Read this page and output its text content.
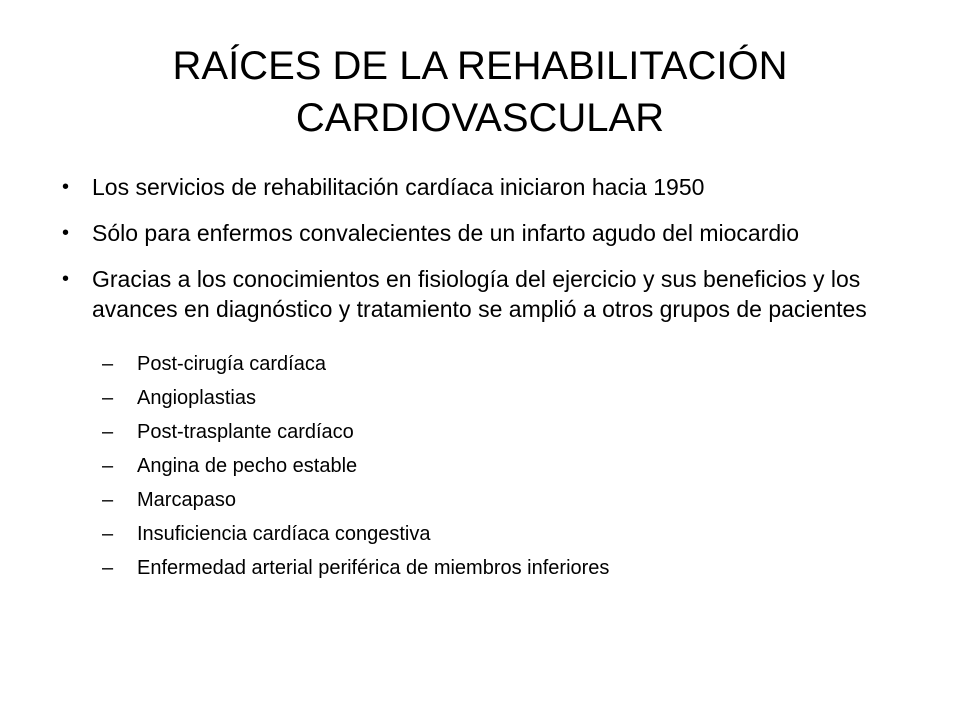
RAÍCES DE LA REHABILITACIÓN
CARDIOVASCULAR
• Los servicios de rehabilitación cardíaca iniciaron hacia 1950
• Sólo para enfermos convalecientes de un infarto agudo del miocardio
• Gracias a los conocimientos en fisiología del ejercicio y sus beneficios y los avances en diagnóstico y tratamiento se amplió a otros grupos de pacientes
– Post-cirugía cardíaca
– Angioplastias
– Post-trasplante cardíaco
– Angina de pecho estable
– Marcapaso
– Insuficiencia cardíaca congestiva
– Enfermedad arterial periférica de miembros inferiores
